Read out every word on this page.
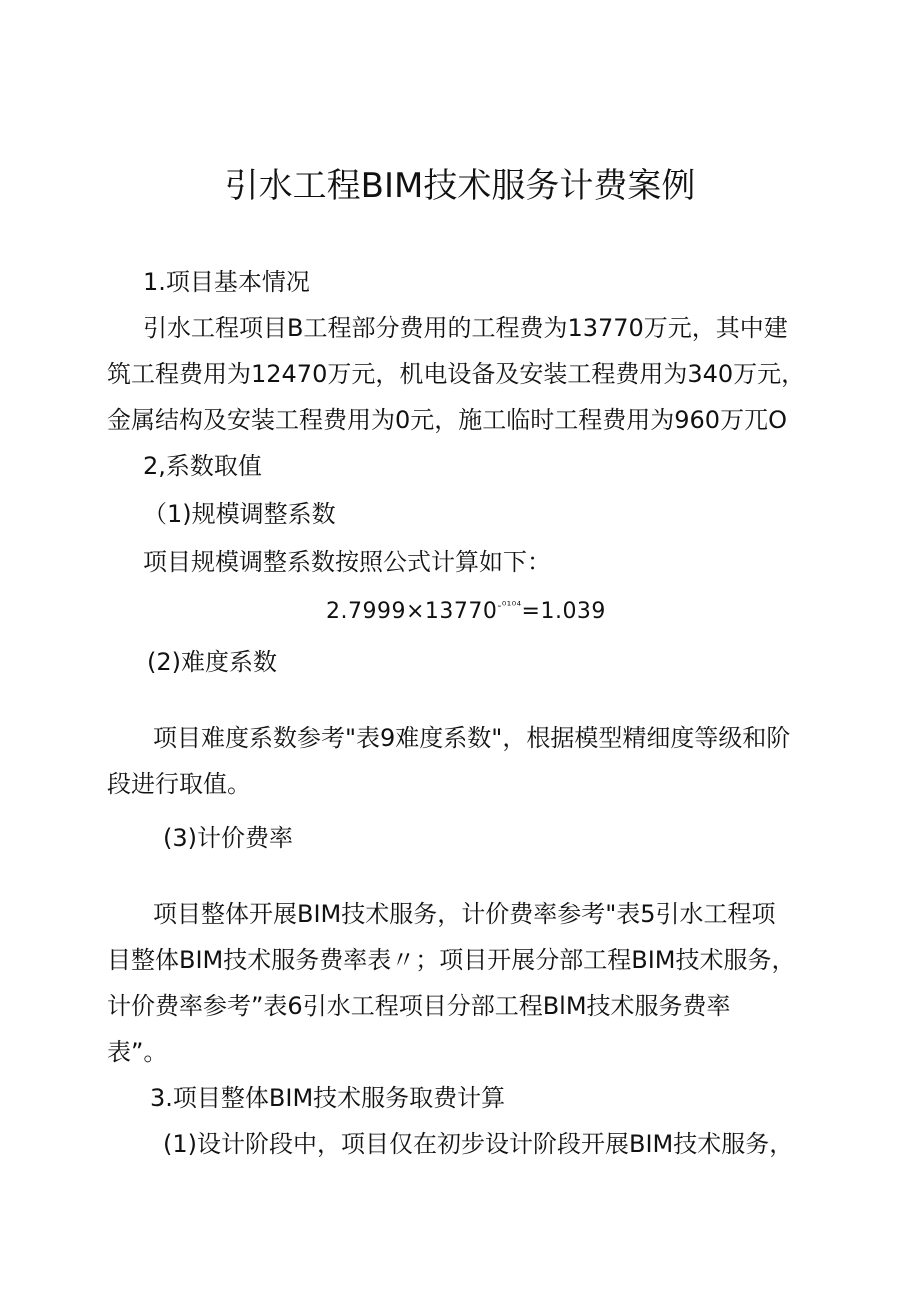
引水工程BIM技术服务计费案例
1.项目基本情况
引水工程项目B工程部分费用的工程费为13770万元，其中建
筑工程费用为12470万元，机电设备及安装工程费用为340万元，
金属结构及安装工程费用为0元，施工临时工程费用为960万兀O
2,系数取值
（1)规模调整系数
项目规模调整系数按照公式计算如下：
$2.7999\times 13770^{-^{0104}}=1.039$
(2)难度系数
项目难度系数参考"表9难度系数"，根据模型精细度等级和阶
段进行取值。
(3)计价费率
项目整体开展BIM技术服务，计价费率参考"表5引水工程项
目整体BIM技术服务费率表〃；项目开展分部工程BIM技术服务，
计价费率参考”表6引水工程项目分部工程BlM技术服务费率
表”。
3.项目整体BIM技术服务取费计算
(1)设计阶段中，项目仅在初步设计阶段开展BIM技术服务，
